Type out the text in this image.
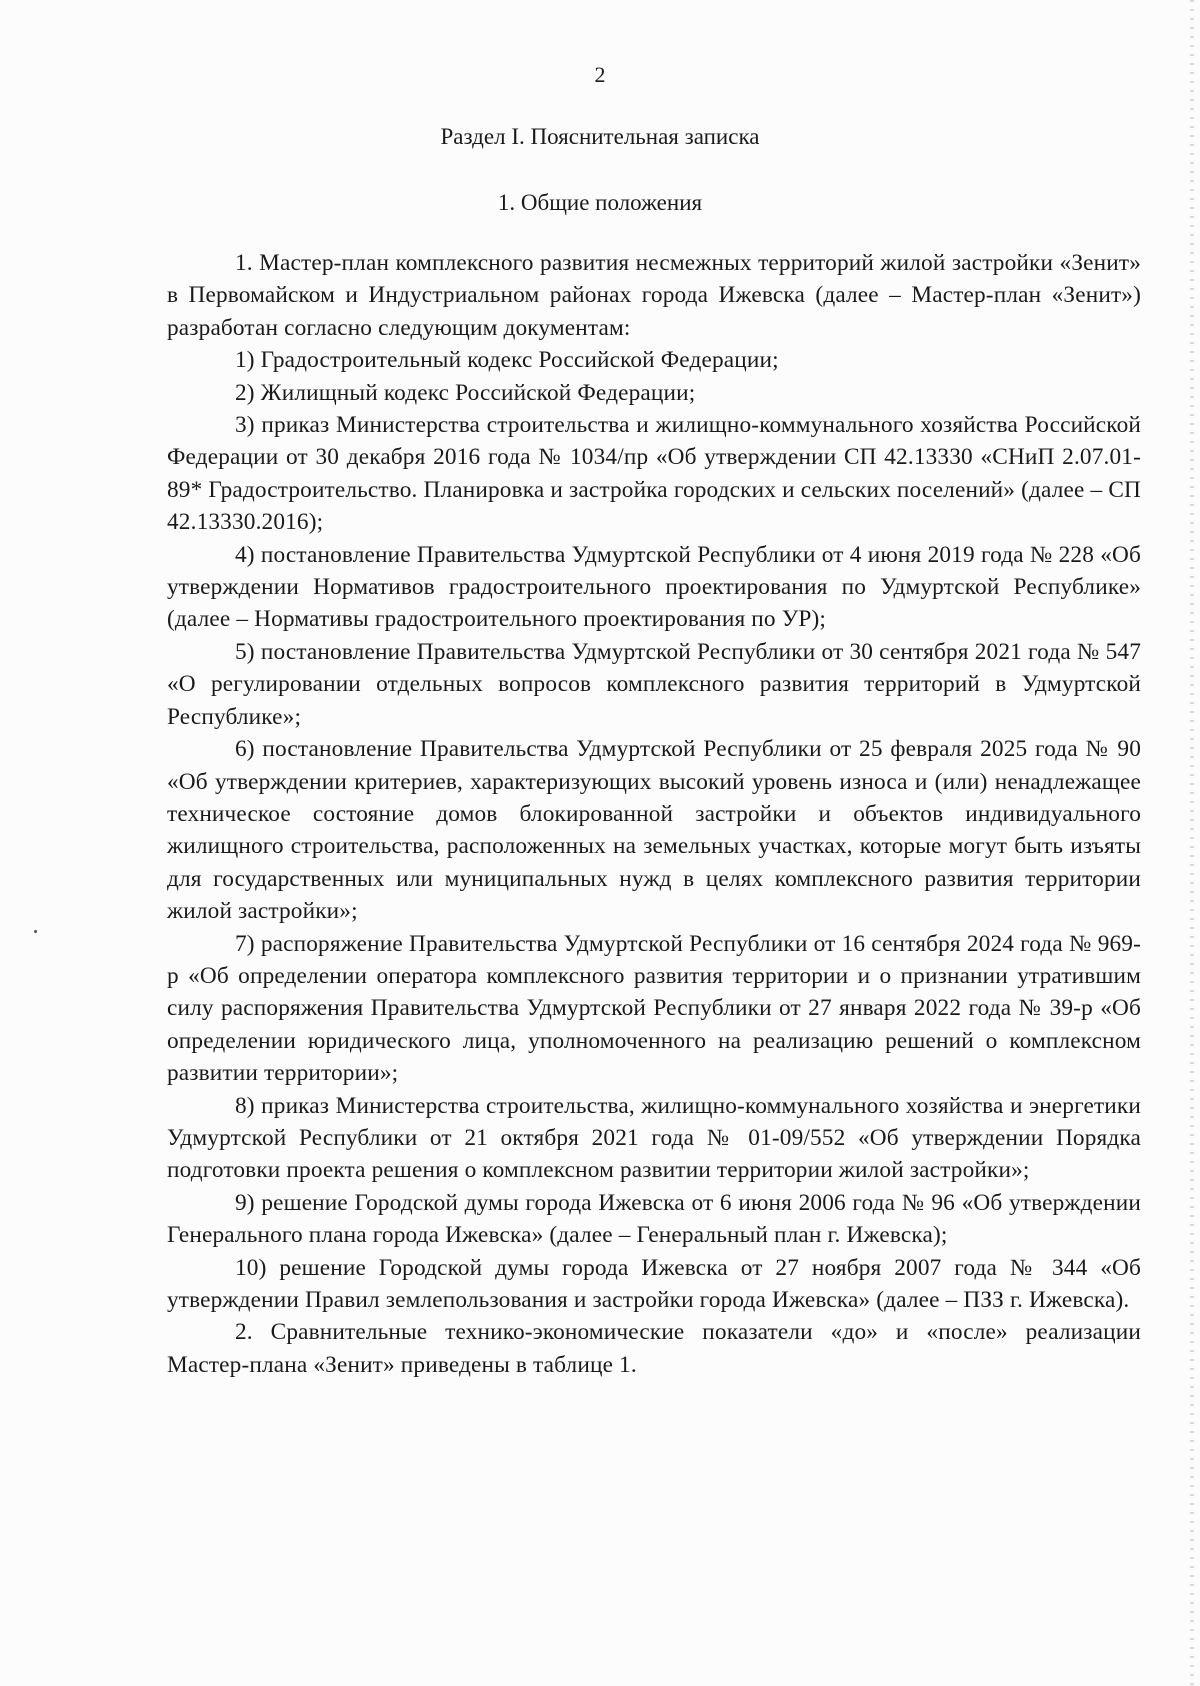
2
Раздел I. Пояснительная записка
1. Общие положения

1. Мастер-план комплексного развития несмежных территорий жилой застройки «Зенит» в Первомайском и Индустриальном районах города Ижевска (далее – Мастер-план «Зенит») разработан согласно следующим документам:

1) Градостроительный кодекс Российской Федерации;

2) Жилищный кодекс Российской Федерации;

3) приказ Министерства строительства и жилищно-коммунального хозяйства Российской Федерации от 30 декабря 2016 года № 1034/пр «Об утверждении СП 42.13330 «СНиП 2.07.01-89* Градостроительство. Планировка и застройка городских и сельских поселений» (далее – СП 42.13330.2016);

4) постановление Правительства Удмуртской Республики от 4 июня 2019 года № 228 «Об утверждении Нормативов градостроительного проектирования по Удмуртской Республике» (далее – Нормативы градостроительного проектирования по УР);

5) постановление Правительства Удмуртской Республики от 30 сентября 2021 года № 547 «О регулировании отдельных вопросов комплексного развития территорий в Удмуртской Республике»;

6) постановление Правительства Удмуртской Республики от 25 февраля 2025 года № 90 «Об утверждении критериев, характеризующих высокий уровень износа и (или) ненадлежащее техническое состояние домов блокированной застройки и объектов индивидуального жилищного строительства, расположенных на земельных участках, которые могут быть изъяты для государственных или муниципальных нужд в целях комплексного развития территории жилой застройки»;

7) распоряжение Правительства Удмуртской Республики от 16 сентября 2024 года № 969-р «Об определении оператора комплексного развития территории и о признании утратившим силу распоряжения Правительства Удмуртской Республики от 27 января 2022 года № 39-р «Об определении юридического лица, уполномоченного на реализацию решений о комплексном развитии территории»;

8) приказ Министерства строительства, жилищно-коммунального хозяйства и энергетики Удмуртской Республики от 21 октября 2021 года № 01-09/552 «Об утверждении Порядка подготовки проекта решения о комплексном развитии территории жилой застройки»;

9) решение Городской думы города Ижевска от 6 июня 2006 года № 96 «Об утверждении Генерального плана города Ижевска» (далее – Генеральный план г. Ижевска);

10) решение Городской думы города Ижевска от 27 ноября 2007 года № 344 «Об утверждении Правил землепользования и застройки города Ижевска» (далее – ПЗЗ г. Ижевска).

2. Сравнительные технико-экономические показатели «до» и «после» реализации Мастер-плана «Зенит» приведены в таблице 1.
